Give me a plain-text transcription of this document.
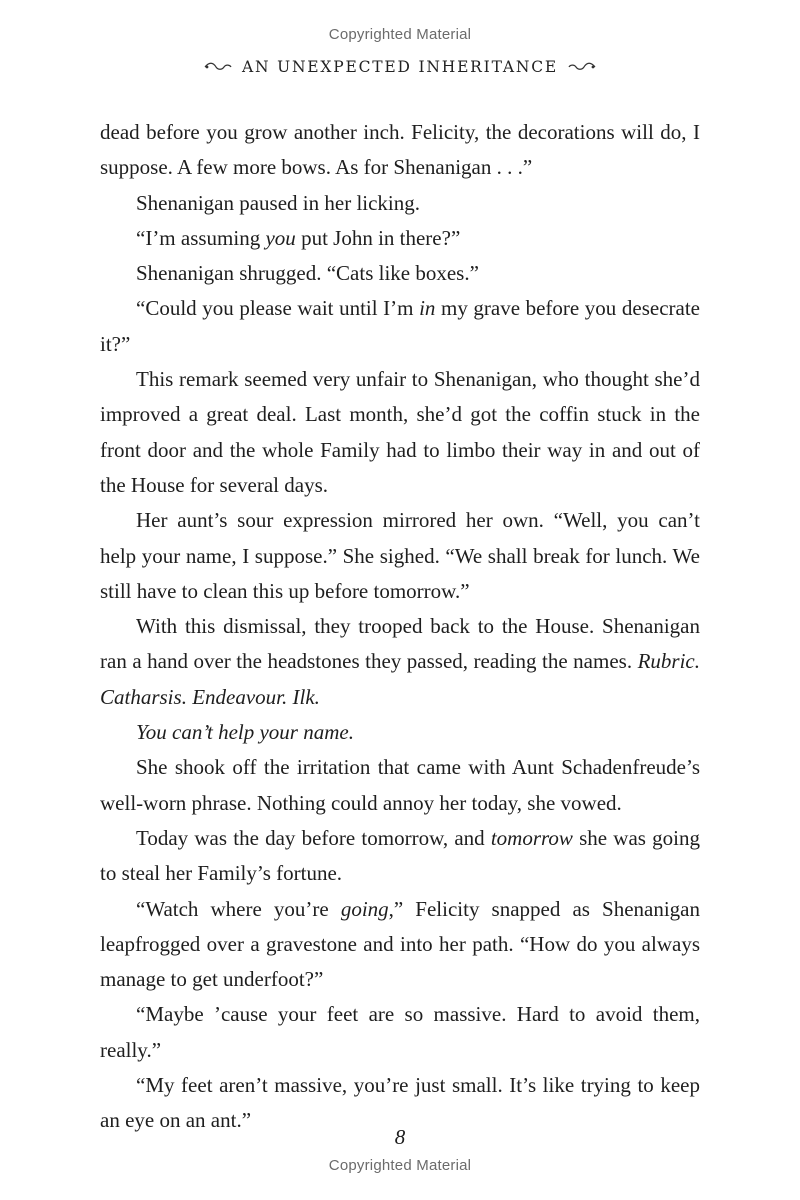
Copyrighted Material
AN UNEXPECTED INHERITANCE

dead before you grow another inch. Felicity, the decorations will do, I suppose. A few more bows. As for Shenanigan . . .”

Shenanigan paused in her licking.

“I’m assuming you put John in there?”

Shenanigan shrugged. “Cats like boxes.”

“Could you please wait until I’m in my grave before you desecrate it?”

This remark seemed very unfair to Shenanigan, who thought she’d improved a great deal. Last month, she’d got the coffin stuck in the front door and the whole Family had to limbo their way in and out of the House for several days.

Her aunt’s sour expression mirrored her own. “Well, you can’t help your name, I suppose.” She sighed. “We shall break for lunch. We still have to clean this up before tomorrow.”

With this dismissal, they trooped back to the House. Shenanigan ran a hand over the headstones they passed, reading the names. Rubric. Catharsis. Endeavour. Ilk.

You can’t help your name.

She shook off the irritation that came with Aunt Schadenfreude’s well-worn phrase. Nothing could annoy her today, she vowed.

Today was the day before tomorrow, and tomorrow she was going to steal her Family’s fortune.

“Watch where you’re going,” Felicity snapped as Shenanigan leapfrogged over a gravestone and into her path. “How do you always manage to get underfoot?”

“Maybe ’cause your feet are so massive. Hard to avoid them, really.”

“My feet aren’t massive, you’re just small. It’s like trying to keep an eye on an ant.”

8
Copyrighted Material
